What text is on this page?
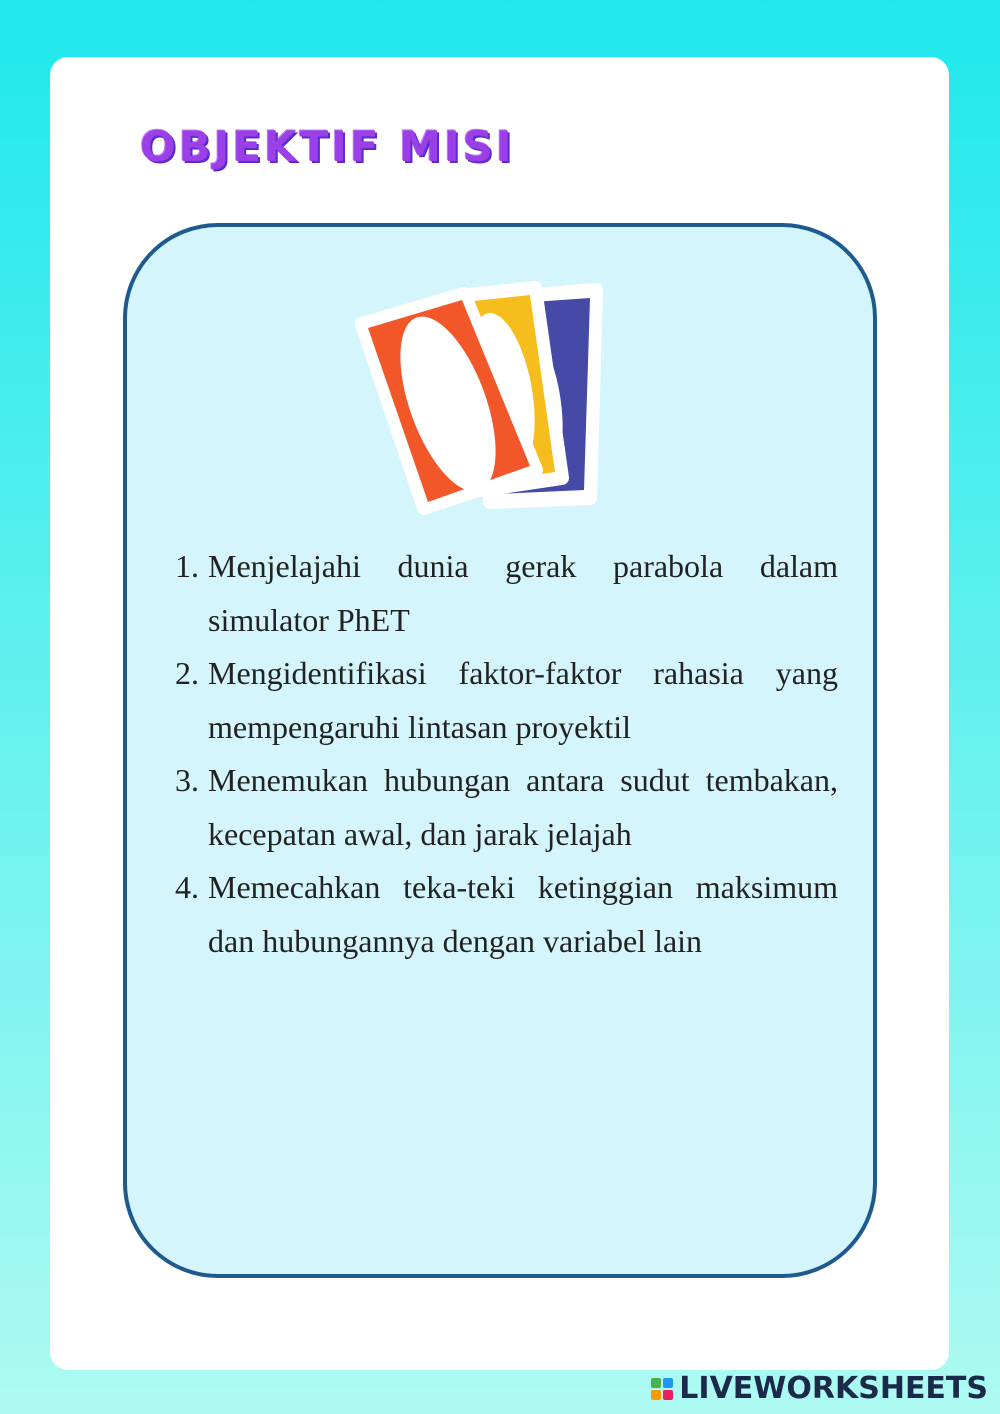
OBJEKTIF MISI
1. Menjelajahi dunia gerak parabola dalam simulator PhET
2. Mengidentifikasi faktor-faktor rahasia yang mempengaruhi lintasan proyektil
3. Menemukan hubungan antara sudut tembakan, kecepatan awal, dan jarak jelajah
4. Memecahkan teka-teki ketinggian maksimum dan hubungannya dengan variabel lain
LIVEWORKSHEETS
